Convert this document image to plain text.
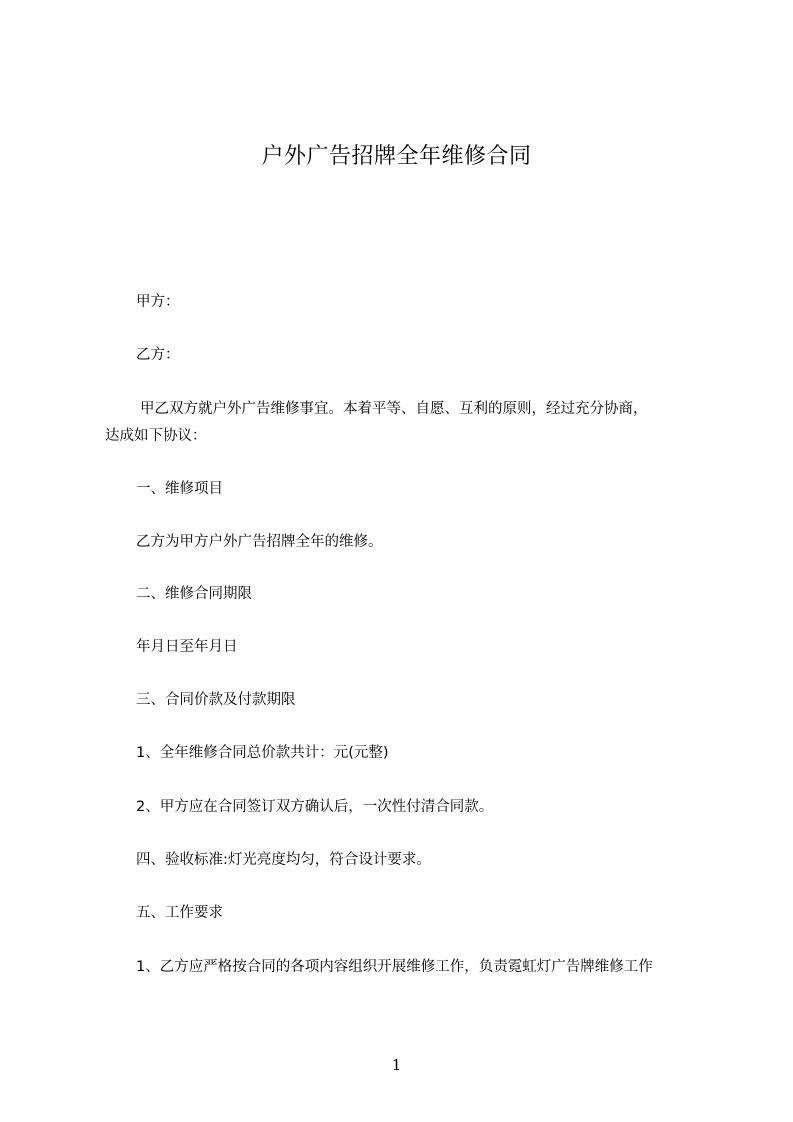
户外广告招牌全年维修合同

甲方：

乙方：

甲乙双方就户外广告维修事宜。本着平等、自愿、互利的原则，经过充分协商，

达成如下协议：

一、维修项目

乙方为甲方户外广告招牌全年的维修。

二、维修合同期限

年月日至年月日

三、合同价款及付款期限

1、全年维修合同总价款共计：元(元整)

2、甲方应在合同签订双方确认后，一次性付清合同款。

四、验收标准:灯光亮度均匀，符合设计要求。

五、工作要求

1、乙方应严格按合同的各项内容组织开展维修工作，负责霓虹灯广告牌维修工作

1
